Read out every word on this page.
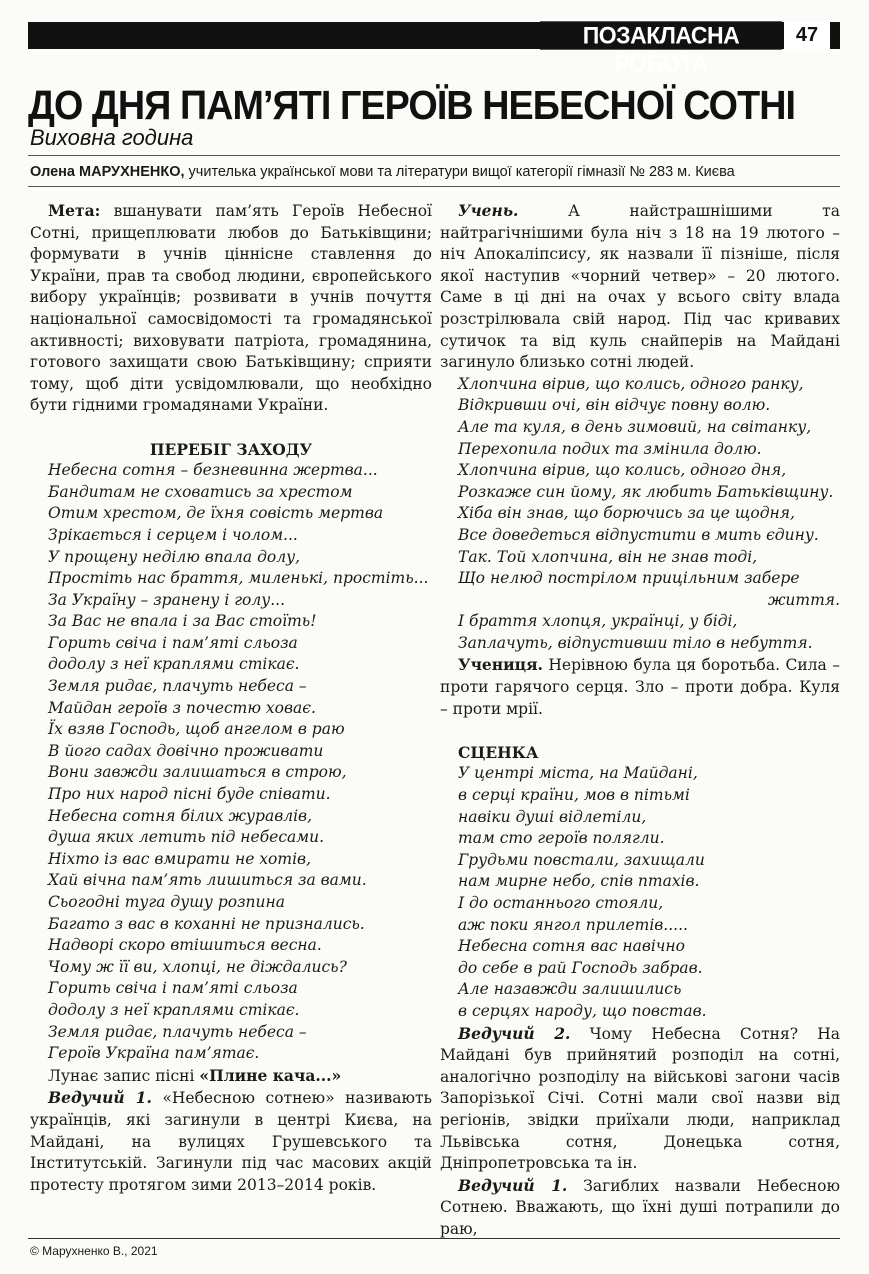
ПОЗАКЛАСНА РОБОТА
47
ДО ДНЯ ПАМ’ЯТІ ГЕРОЇВ НЕБЕСНОЇ СОТНІ
Виховна година
Олена МАРУХНЕНКО, учителька української мови та літератури вищої категорії гімназії № 283 м. Києва

Мета: вшанувати пам’ять Героїв Небесної Сотні, прищеплювати любов до Батьківщини; формувати в учнів ціннісне ставлення до України, прав та свобод людини, європейського вибору українців; розвивати в учнів почуття національної самосвідомості та громадянської активності; виховувати патріота, громадянина, готового захищати свою Батьківщину; сприяти тому, щоб діти усвідомлювали, що необхідно бути гідними громадянами України.

ПЕРЕБІГ ЗАХОДУ

Небесна сотня – безневинна жертва...

Бандитам не сховатись за хрестом

Отим хрестом, де їхня совість мертва

Зрікається і серцем і чолом...

У прощену неділю впала долу,

Простіть нас браття, миленькі, простіть...

За Україну – зранену і голу...

За Вас не впала і за Вас стоїть!

Горить свіча і пам’яті сльоза

додолу з неї краплями стікає.

Земля ридає, плачуть небеса –

Майдан героїв з почестю ховає.

Їх взяв Господь, щоб ангелом в раю

В його садах довічно проживати

Вони завжди залишаться в строю,

Про них народ пісні буде співати.

Небесна сотня білих журавлів,

душа яких летить під небесами.

Ніхто із вас вмирати не хотів,

Хай вічна пам’ять лишиться за вами.

Сьогодні туга душу розпина

Багато з вас в коханні не признались.

Надворі скоро втішиться весна.

Чому ж її ви, хлопці, не діждались?

Горить свіча і пам’яті сльоза

додолу з неї краплями стікає.

Земля ридає, плачуть небеса –

Героїв Україна пам’ятає.

Лунає запис пісні «Плине кача...»

Ведучий 1. «Небесною сотнею» називають українців, які загинули в центрі Києва, на Майдані, на вулицях Грушевського та Інститутській. Загинули під час масових акцій протесту протягом зими 2013–2014 років.

Учень. А найстрашнішими та найтрагічнішими була ніч з 18 на 19 лютого – ніч Апокаліпсису, як назвали її пізніше, після якої наступив «чорний четвер» – 20 лютого. Саме в ці дні на очах у всього світу влада розстрілювала свій народ. Під час кривавих сутичок та від куль снайперів на Майдані загинуло близько сотні людей.

Хлопчина вірив, що колись, одного ранку,

Відкривши очі, він відчує повну волю.

Але та куля, в день зимовий, на світанку,

Перехопила подих та змінила долю.

Хлопчина вірив, що колись, одного дня,

Розкаже син йому, як любить Батьківщину.

Хіба він знав, що борючись за це щодня,

Все доведеться відпустити в мить єдину.

Так. Той хлопчина, він не знав тоді,

Що нелюд пострілом прицільним забере

життя.

І браття хлопця, українці, у біді,

Заплачуть, відпустивши тіло в небуття.

Учениця. Нерівною була ця боротьба. Сила – проти гарячого серця. Зло – проти добра. Куля – проти мрії.

СЦЕНКА

У центрі міста, на Майдані,

в серці країни, мов в пітьмі

навіки душі відлетіли,

там сто героїв полягли.

Грудьми повстали, захищали

нам мирне небо, спів птахів.

І до останнього стояли,

аж поки янгол прилетів.....

Небесна сотня вас навічно

до себе в рай Господь забрав.

Але назавжди залишились

в серцях народу, що повстав.

Ведучий 2. Чому Небесна Сотня? На Майдані був прийнятий розподіл на сотні, аналогічно розподілу на військові загони часів Запорізької Січі. Сотні мали свої назви від регіонів, звідки приїхали люди, наприклад Львівська сотня, Донецька сотня, Дніпропетровська та ін.

Ведучий 1. Загиблих назвали Небесною Сотнею. Вважають, що їхні душі потрапили до раю,

© Марухненко В., 2021
